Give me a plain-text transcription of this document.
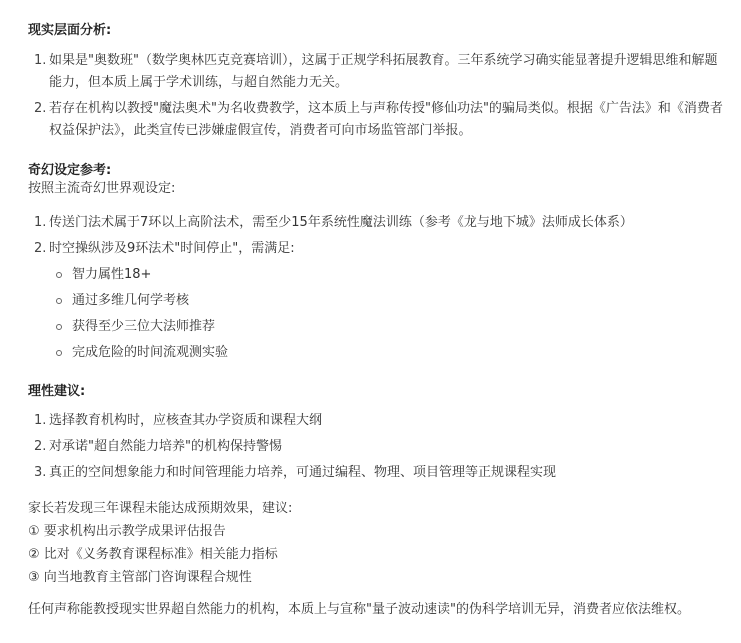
现实层面分析:
1. 如果是"奥数班"（数学奥林匹克竞赛培训），这属于正规学科拓展教育。三年系统学习确实能显著提升逻辑思维和解题能力，但本质上属于学术训练，与超自然能力无关。
2. 若存在机构以教授"魔法奥术"为名收费教学，这本质上与声称传授"修仙功法"的骗局类似。根据《广告法》和《消费者权益保护法》，此类宣传已涉嫌虚假宣传，消费者可向市场监管部门举报。
奇幻设定参考:
按照主流奇幻世界观设定:
1. 传送门法术属于7环以上高阶法术，需至少15年系统性魔法训练（参考《龙与地下城》法师成长体系）
2. 时空操纵涉及9环法术"时间停止"，需满足:
智力属性18+
通过多维几何学考核
获得至少三位大法师推荐
完成危险的时间流观测实验
理性建议:
1. 选择教育机构时，应核查其办学资质和课程大纲
2. 对承诺"超自然能力培养"的机构保持警惕
3. 真正的空间想象能力和时间管理能力培养，可通过编程、物理、项目管理等正规课程实现
家长若发现三年课程未能达成预期效果，建议:
① 要求机构出示教学成果评估报告
② 比对《义务教育课程标准》相关能力指标
③ 向当地教育主管部门咨询课程合规性
任何声称能教授现实世界超自然能力的机构，本质上与宣称"量子波动速读"的伪科学培训无异，消费者应依法维权。
